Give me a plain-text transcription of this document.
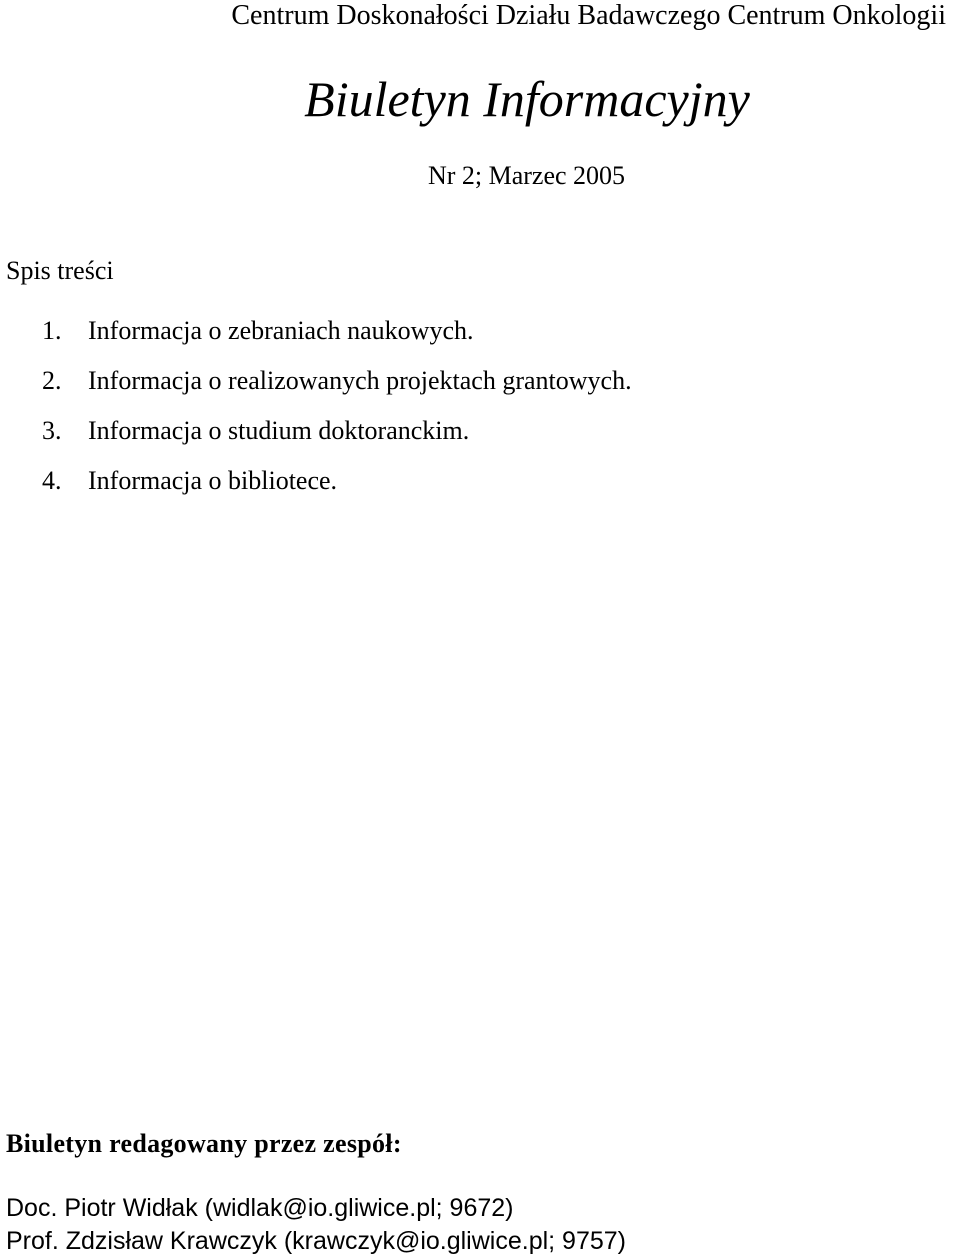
Centrum Doskonałości Działu Badawczego Centrum Onkologii
Biuletyn Informacyjny
Nr 2; Marzec 2005
Spis treści
1. Informacja o zebraniach naukowych.
2. Informacja o realizowanych projektach grantowych.
3. Informacja o studium doktoranckim.
4. Informacja o bibliotece.
Biuletyn redagowany przez zespół:
Doc. Piotr Widłak (widlak@io.gliwice.pl; 9672)
Prof. Zdzisław Krawczyk (krawczyk@io.gliwice.pl; 9757)
